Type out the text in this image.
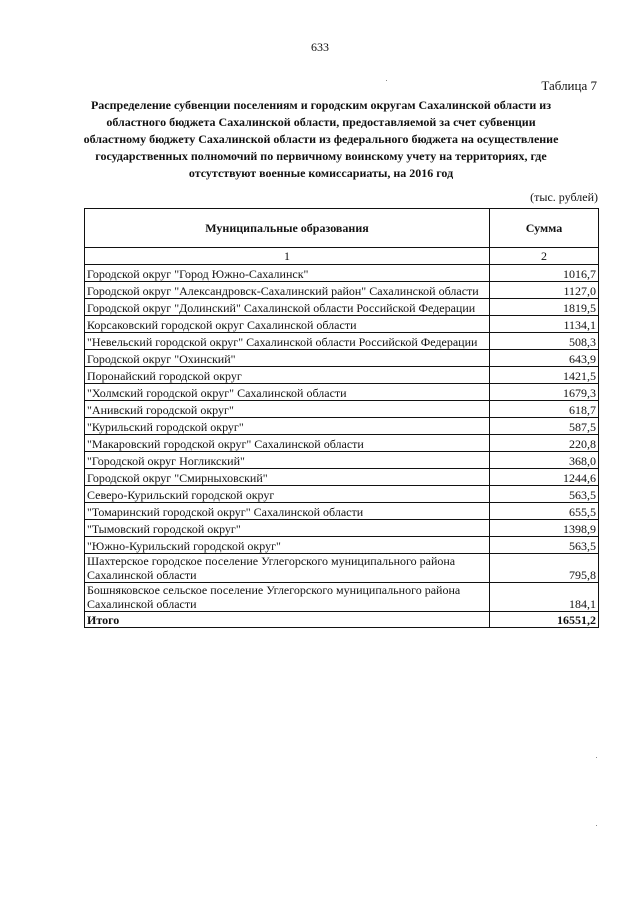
633
Таблица 7
Распределение субвенции поселениям и городским округам Сахалинской области из областного бюджета Сахалинской области, предоставляемой за счет субвенции областному бюджету Сахалинской области из федерального бюджета на осуществление государственных полномочий по первичному воинскому учету на территориях, где отсутствуют военные комиссариаты, на 2016 год
(тыс. рублей)
Муниципальные образования	Сумма
1	2
Городской округ "Город Южно-Сахалинск"	1016,7
Городской округ "Александровск-Сахалинский район" Сахалинской области	1127,0
Городской округ "Долинский" Сахалинской области Российской Федерации	1819,5
Корсаковский городской округ Сахалинской области	1134,1
"Невельский городской округ" Сахалинской области Российской Федерации	508,3
Городской округ "Охинский"	643,9
Поронайский городской округ	1421,5
"Холмский городской округ" Сахалинской области	1679,3
"Анивский городской округ"	618,7
"Курильский городской округ"	587,5
"Макаровский городской округ" Сахалинской области	220,8
"Городской округ Ногликский"	368,0
Городской округ "Смирныховский"	1244,6
Северо-Курильский городской округ	563,5
"Томаринский городской округ" Сахалинской области	655,5
"Тымовский городской округ"	1398,9
"Южно-Курильский городской округ"	563,5
Шахтерское городское поселение Углегорского муниципального района Сахалинской области	795,8
Бошняковское сельское поселение Углегорского муниципального района Сахалинской области	184,1
Итого	16551,2
